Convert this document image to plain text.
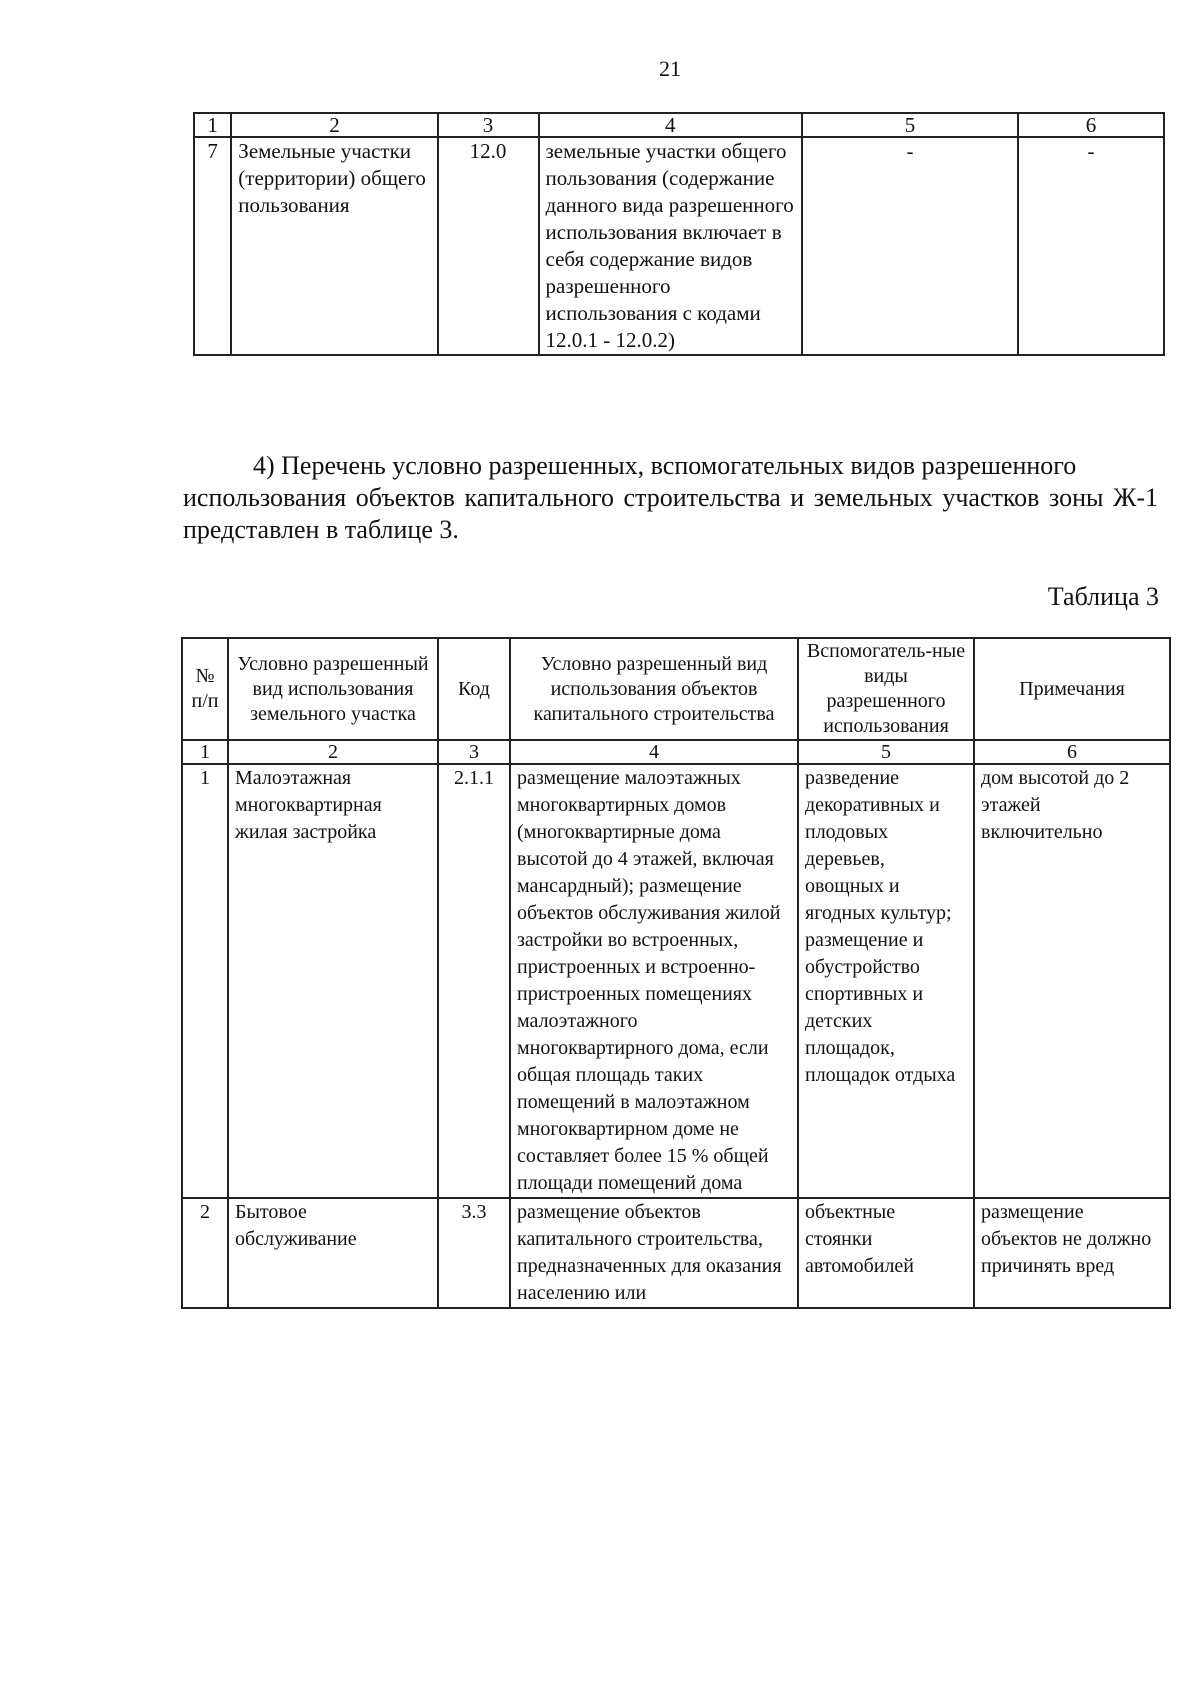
21
1	2	3	4	5	6
7	Земельные участки (территории) общего пользования	12.0	земельные участки общего пользования (содержание данного вида разрешенного использования включает в себя содержание видов разрешенного использования с кодами 12.0.1 - 12.0.2)	-	-
4) Перечень условно разрешенных, вспомогательных видов разрешенного
использования объектов капитального строительства и земельных участков зоны Ж-1 представлен в таблице 3.
Таблица 3
№ п/п	Условно разрешенный вид использования земельного участка	Код	Условно разрешенный вид использования объектов капитального строительства	Вспомогатель-ные виды разрешенного использования	Примечания
1	2	3	4	5	6
1	Малоэтажная многоквартирная жилая застройка	2.1.1	размещение малоэтажных многоквартирных домов (многоквартирные дома высотой до 4 этажей, включая мансардный); размещение объектов обслуживания жилой застройки во встроенных, пристроенных и встроенно-пристроенных помещениях малоэтажного многоквартирного дома, если общая площадь таких помещений в малоэтажном многоквартирном доме не составляет более 15 % общей площади помещений дома	разведение декоративных и плодовых деревьев, овощных и ягодных культур; размещение и обустройство спортивных и детских площадок, площадок отдыха	дом высотой до 2 этажей включительно
2	Бытовое обслуживание	3.3	размещение объектов капитального строительства, предназначенных для оказания населению или	объектные стоянки автомобилей	размещение объектов не должно причинять вред
